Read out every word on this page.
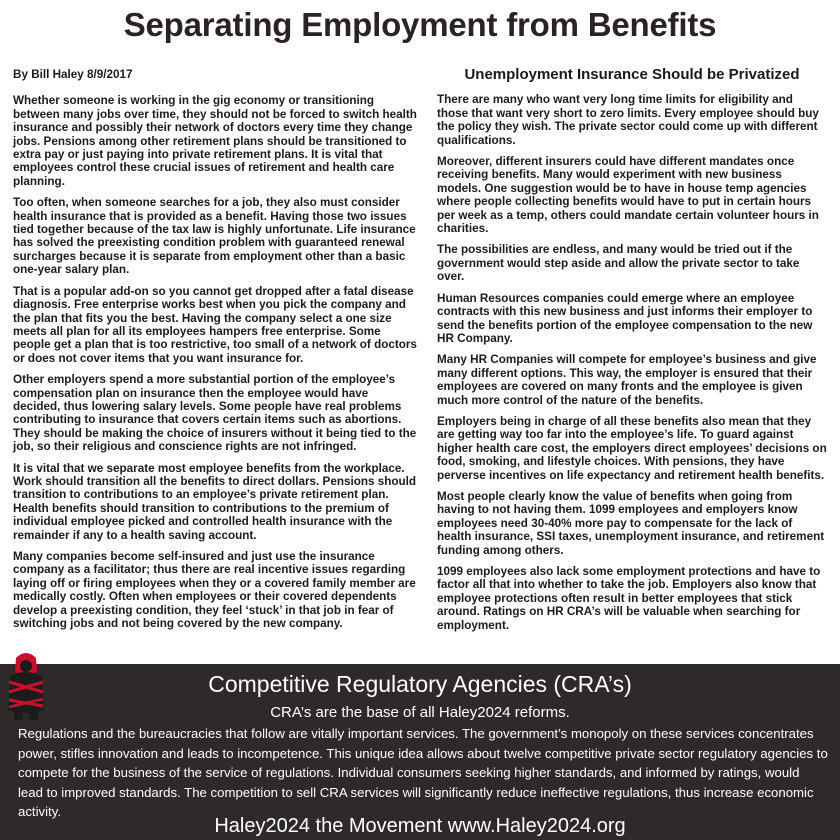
Separating Employment from Benefits
By Bill Haley 8/9/2017

Whether someone is working in the gig economy or transitioning between many jobs over time, they should not be forced to switch health insurance and possibly their network of doctors every time they change jobs. Pensions among other retirement plans should be transitioned to extra pay or just paying into private retirement plans. It is vital that employees control these crucial issues of retirement and health care planning.

Too often, when someone searches for a job, they also must consider health insurance that is provided as a benefit. Having those two issues tied together because of the tax law is highly unfortunate. Life insurance has solved the preexisting condition problem with guaranteed renewal surcharges because it is separate from employment other than a basic one-year salary plan.

That is a popular add-on so you cannot get dropped after a fatal disease diagnosis. Free enterprise works best when you pick the company and the plan that fits you the best. Having the company select a one size meets all plan for all its employees hampers free enterprise. Some people get a plan that is too restrictive, too small of a network of doctors or does not cover items that you want insurance for.

Other employers spend a more substantial portion of the employee’s compensation plan on insurance then the employee would have decided, thus lowering salary levels. Some people have real problems contributing to insurance that covers certain items such as abortions. They should be making the choice of insurers without it being tied to the job, so their religious and conscience rights are not infringed.

It is vital that we separate most employee benefits from the workplace. Work should transition all the benefits to direct dollars. Pensions should transition to contributions to an employee’s private retirement plan. Health benefits should transition to contributions to the premium of individual employee picked and controlled health insurance with the remainder if any to a health saving account.

Many companies become self-insured and just use the insurance company as a facilitator; thus there are real incentive issues regarding laying off or firing employees when they or a covered family member are medically costly. Often when employees or their covered dependents develop a preexisting condition, they feel ‘stuck’ in that job in fear of switching jobs and not being covered by the new company.

Unemployment Insurance Should be Privatized

There are many who want very long time limits for eligibility and those that want very short to zero limits. Every employee should buy the policy they wish. The private sector could come up with different qualifications.

Moreover, different insurers could have different mandates once receiving benefits. Many would experiment with new business models. One suggestion would be to have in house temp agencies where people collecting benefits would have to put in certain hours per week as a temp, others could mandate certain volunteer hours in charities.

The possibilities are endless, and many would be tried out if the government would step aside and allow the private sector to take over.

Human Resources companies could emerge where an employee contracts with this new business and just informs their employer to send the benefits portion of the employee compensation to the new HR Company.

Many HR Companies will compete for employee’s business and give many different options. This way, the employer is ensured that their employees are covered on many fronts and the employee is given much more control of the nature of the benefits.

Employers being in charge of all these benefits also mean that they are getting way too far into the employee’s life. To guard against higher health care cost, the employers direct employees’ decisions on food, smoking, and lifestyle choices. With pensions, they have perverse incentives on life expectancy and retirement health benefits.

Most people clearly know the value of benefits when going from having to not having them. 1099 employees and employers know employees need 30-40% more pay to compensate for the lack of health insurance, SSI taxes, unemployment insurance, and retirement funding among others.

1099 employees also lack some employment protections and have to factor all that into whether to take the job. Employers also know that employee protections often result in better employees that stick around. Ratings on HR CRA’s will be valuable when searching for employment.

Competitive Regulatory Agencies (CRA’s)
CRA’s are the base of all Haley2024 reforms.
Regulations and the bureaucracies that follow are vitally important services. The government’s monopoly on these services concentrates power, stifles innovation and leads to incompetence. This unique idea allows about twelve competitive private sector regulatory agencies to compete for the business of the service of regulations. Individual consumers seeking higher standards, and informed by ratings, would lead to improved standards. The competition to sell CRA services will significantly reduce ineffective regulations, thus increase economic activity.
Haley2024 the Movement www.Haley2024.org
